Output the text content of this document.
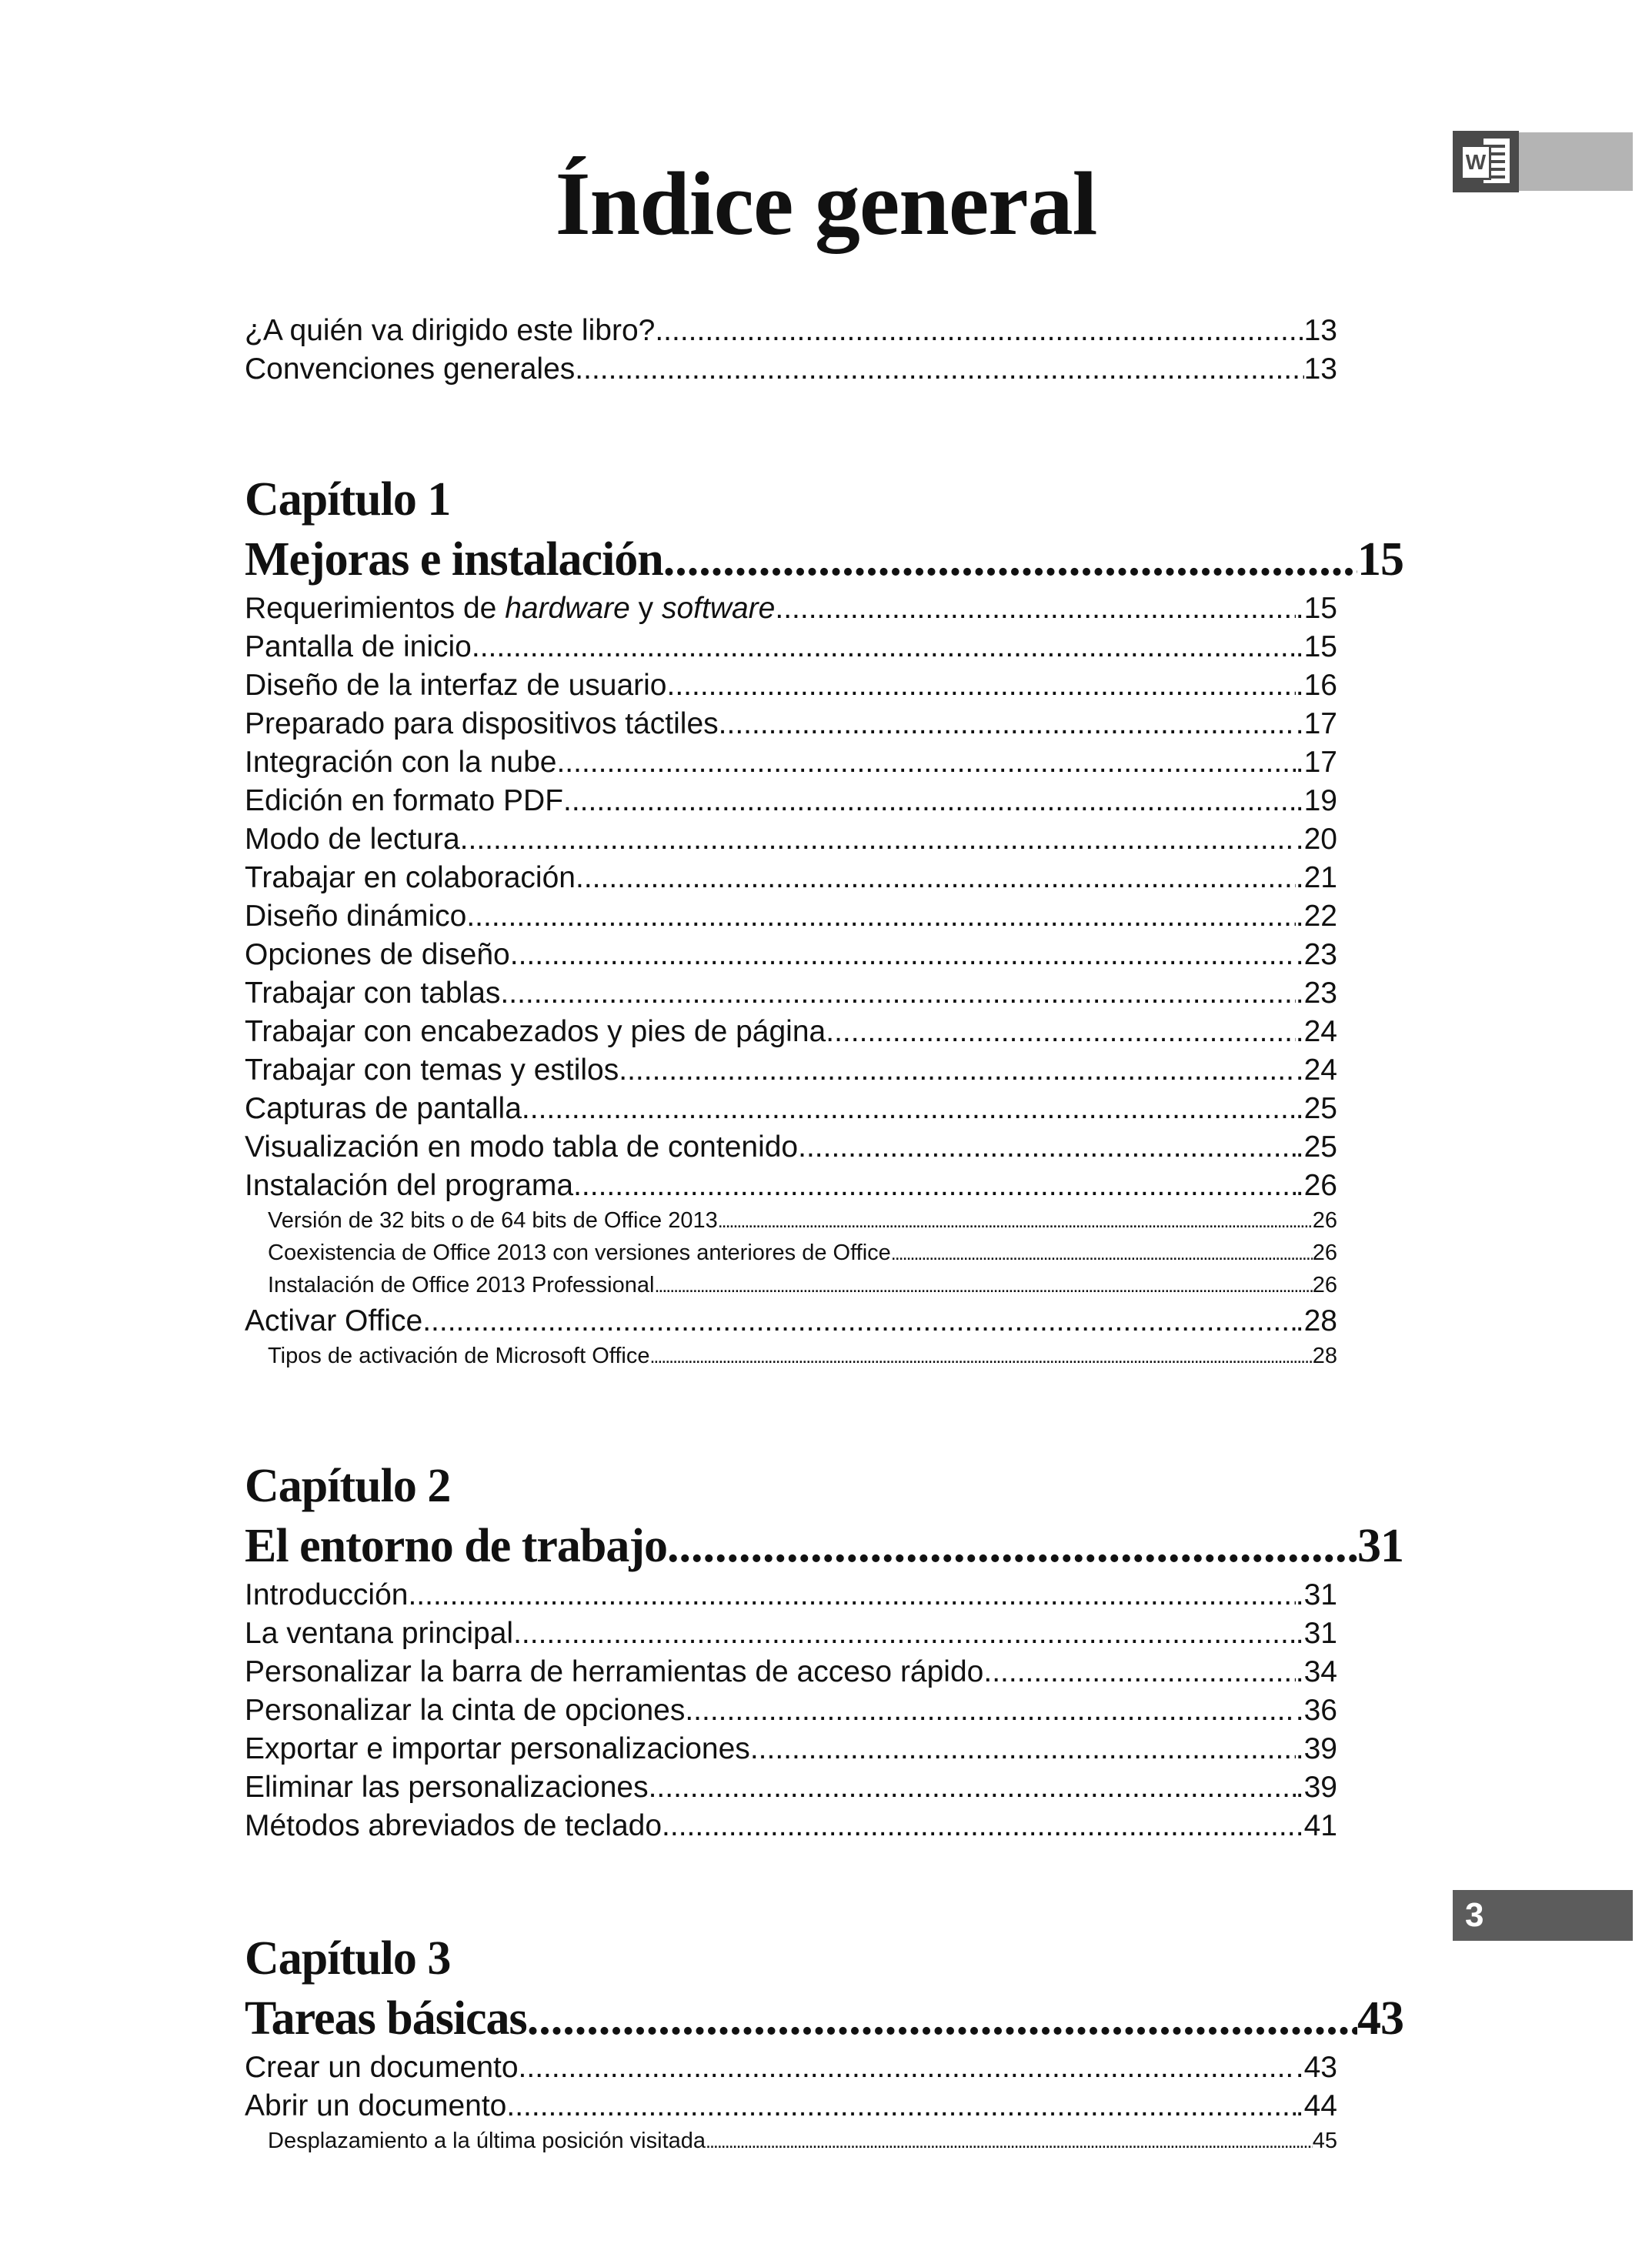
Índice general	W
3
¿A quién va dirigido este libro? .....	13
Convenciones generales .....	13
Capítulo 1
Mejoras e instalación .....	15
Requerimientos de hardware y software .....	.15
Pantalla de inicio .....	.15
Diseño de la interfaz de usuario .....	.16
Preparado para dispositivos táctiles .....	.17
Integración con la nube .....	.17
Edición en formato PDF .....	.19
Modo de lectura .....	.20
Trabajar en colaboración .....	.21
Diseño dinámico .....	.22
Opciones de diseño .....	.23
Trabajar con tablas .....	.23
Trabajar con encabezados y pies de página .....	.24
Trabajar con temas y estilos .....	.24
Capturas de pantalla .....	.25
Visualización en modo tabla de contenido .....	.25
Instalación del programa .....	.26
Versión de 32 bits o de 64 bits de Office 2013 .....	26
Coexistencia de Office 2013 con versiones anteriores de Office .....	26
Instalación de Office 2013 Professional .....	26
Activar Office .....	.28
Tipos de activación de Microsoft Office .....	28
Capítulo 2
El entorno de trabajo .....	31
Introducción .....	.31
La ventana principal .....	.31
Personalizar la barra de herramientas de acceso rápido .....	.34
Personalizar la cinta de opciones .....	.36
Exportar e importar personalizaciones .....	.39
Eliminar las personalizaciones .....	.39
Métodos abreviados de teclado .....	.41
Capítulo 3
Tareas básicas .....	43
Crear un documento .....	.43
Abrir un documento .....	.44
Desplazamiento a la última posición visitada .....	45
